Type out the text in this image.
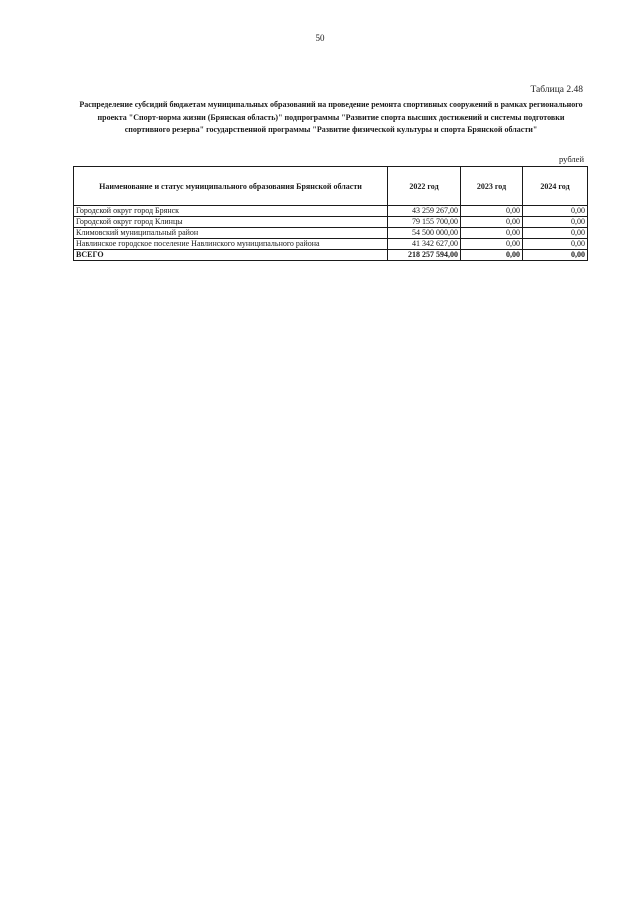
50
Таблица 2.48
Распределение субсидий бюджетам муниципальных образований на проведение ремонта спортивных сооружений в рамках регионального проекта "Спорт-норма жизни (Брянская область)" подпрограммы "Развитие спорта высших достижений и системы подготовки спортивного резерва" государственной программы "Развитие физической культуры и спорта Брянской области"
рублей
Наименование и статус муниципального образования Брянской области	2022 год	2023 год	2024 год
Городской округ город Брянск	43 259 267,00	0,00	0,00
Городской округ город Клинцы	79 155 700,00	0,00	0,00
Климовский муниципальный район	54 500 000,00	0,00	0,00
Навлинское городское поселение Навлинского муниципального района	41 342 627,00	0,00	0,00
ВСЕГО	218 257 594,00	0,00	0,00
